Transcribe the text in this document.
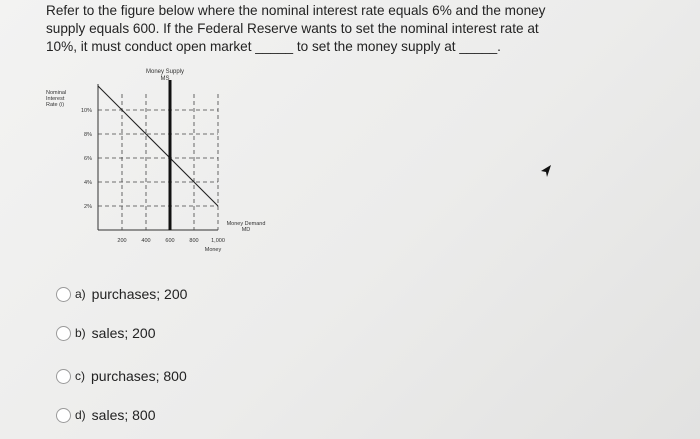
Refer to the figure below where the nominal interest rate equals 6% and the money
supply equals 600. If the Federal Reserve wants to set the nominal interest rate at
10%, it must conduct open market _____ to set the money supply at _____.
Money Supply
MS
Nominal
Interest
Rate (i)
10%
8%
6%
4%
2%
200	400	600	800 1,000
Money
Money Demand
MD
a) purchases; 200
b) sales; 200
c) purchases; 800
d) sales; 800
